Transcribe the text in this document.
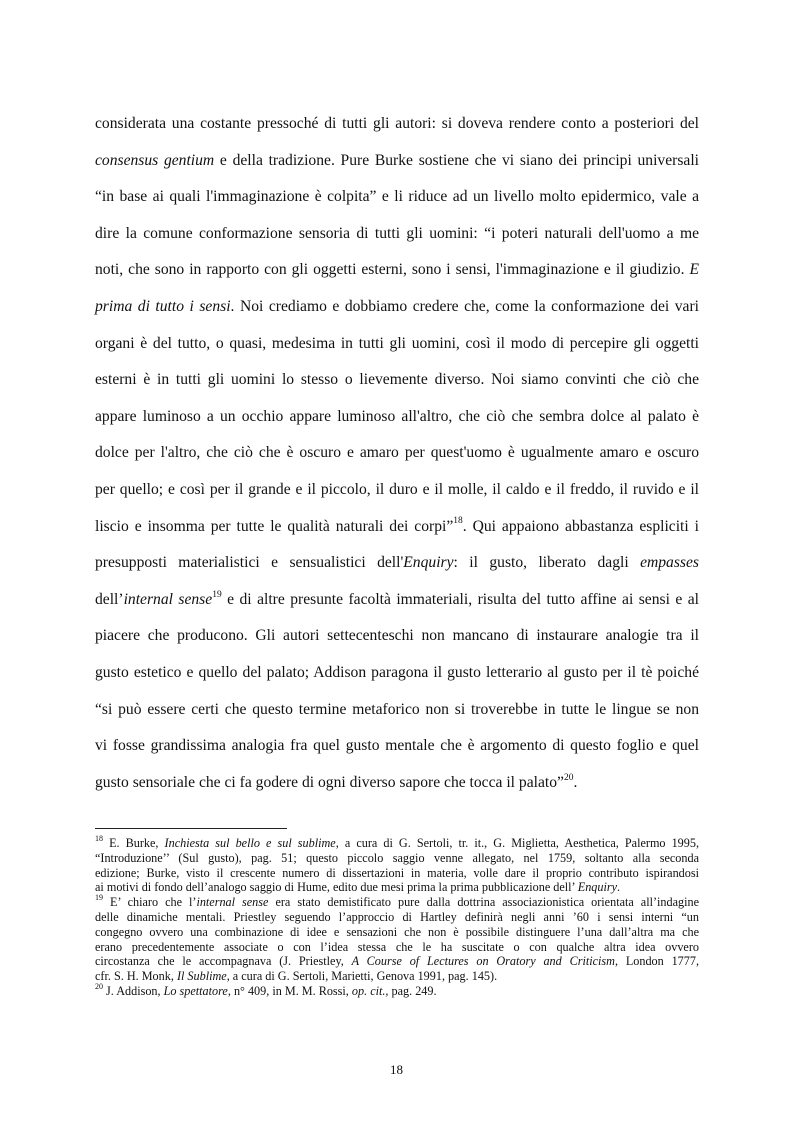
considerata una costante pressoché di tutti gli autori: si doveva rendere conto a posteriori del
consensus gentium e della tradizione. Pure Burke sostiene che vi siano dei principi universali
“in base ai quali l'immaginazione è colpita” e li riduce ad un livello molto epidermico, vale a
dire la comune conformazione sensoria di tutti gli uomini: “i poteri naturali dell'uomo a me
noti, che sono in rapporto con gli oggetti esterni, sono i sensi, l'immaginazione e il giudizio. E
prima di tutto i sensi. Noi crediamo e dobbiamo credere che, come la conformazione dei vari
organi è del tutto, o quasi, medesima in tutti gli uomini, così il modo di percepire gli oggetti
esterni è in tutti gli uomini lo stesso o lievemente diverso. Noi siamo convinti che ciò che
appare luminoso a un occhio appare luminoso all'altro, che ciò che sembra dolce al palato è
dolce per l'altro, che ciò che è oscuro e amaro per quest'uomo è ugualmente amaro e oscuro
per quello; e così per il grande e il piccolo, il duro e il molle, il caldo e il freddo, il ruvido e il
liscio e insomma per tutte le qualità naturali dei corpi”$^{18}$. Qui appaiono abbastanza espliciti i
presupposti materialistici e sensualistici dell'Enquiry: il gusto, liberato dagli empasses
dell’internal sense$^{19}$ e di altre presunte facoltà immateriali, risulta del tutto affine ai sensi e al
piacere che producono. Gli autori settecenteschi non mancano di instaurare analogie tra il
gusto estetico e quello del palato; Addison paragona il gusto letterario al gusto per il tè poiché
“si può essere certi che questo termine metaforico non si troverebbe in tutte le lingue se non
vi fosse grandissima analogia fra quel gusto mentale che è argomento di questo foglio e quel
gusto sensoriale che ci fa godere di ogni diverso sapore che tocca il palato”$^{20}$.
$^{18}$ E. Burke, Inchiesta sul bello e sul sublime, a cura di G. Sertoli, tr. it., G. Miglietta, Aesthetica, Palermo 1995,
“Introduzione’’ (Sul gusto), pag. 51; questo piccolo saggio venne allegato, nel 1759, soltanto alla seconda
edizione; Burke, visto il crescente numero di dissertazioni in materia, volle dare il proprio contributo ispirandosi
ai motivi di fondo dell’analogo saggio di Hume, edito due mesi prima la prima pubblicazione dell’ Enquiry.
$^{19}$ E’ chiaro che l’internal sense era stato demistificato pure dalla dottrina associazionistica orientata all’indagine
delle dinamiche mentali. Priestley seguendo l’approccio di Hartley definirà negli anni ’60 i sensi interni “un
congegno ovvero una combinazione di idee e sensazioni che non è possibile distinguere l’una dall’altra ma che
erano precedentemente associate o con l’idea stessa che le ha suscitate o con qualche altra idea ovvero
circostanza che le accompagnava (J. Priestley, A Course of Lectures on Oratory and Criticism, London 1777,
cfr. S. H. Monk, Il Sublime, a cura di G. Sertoli, Marietti, Genova 1991, pag. 145).
$^{20}$ J. Addison, Lo spettatore, n° 409, in M. M. Rossi, op. cit., pag. 249.
18
